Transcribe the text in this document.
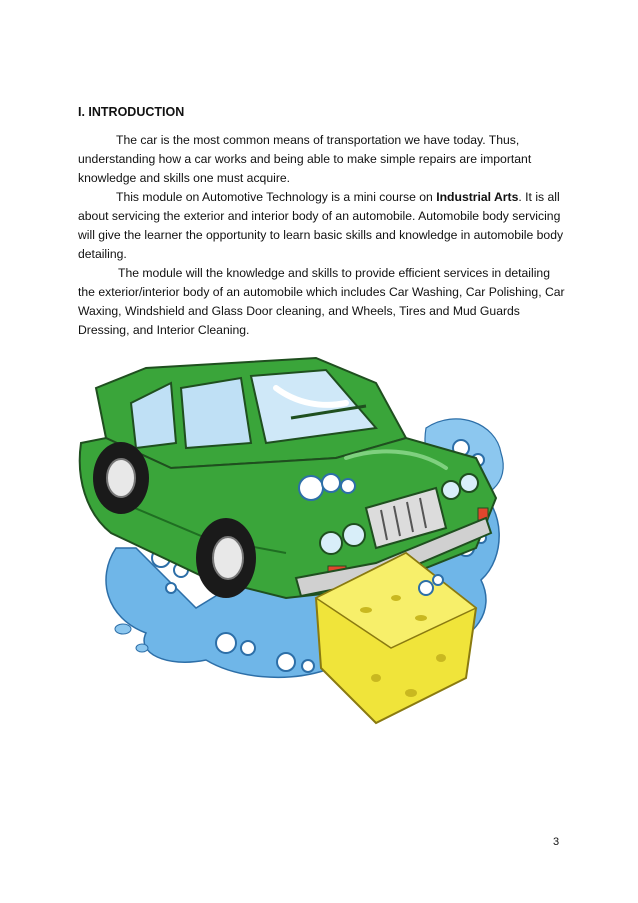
I. INTRODUCTION

The car is the most common means of transportation we have today. Thus, understanding how a car works and being able to make simple repairs are important knowledge and skills one must acquire.

This module on Automotive Technology is a mini course on Industrial Arts. It is all about servicing the exterior and interior body of an automobile. Automobile body servicing will give the learner the opportunity to learn basic skills and knowledge in automobile body detailing.

The module will the knowledge and skills to provide efficient services in detailing the exterior/interior body of an automobile which includes Car Washing, Car Polishing, Car Waxing, Windshield and Glass Door cleaning, and Wheels, Tires and Mud Guards Dressing, and Interior Cleaning.

3
